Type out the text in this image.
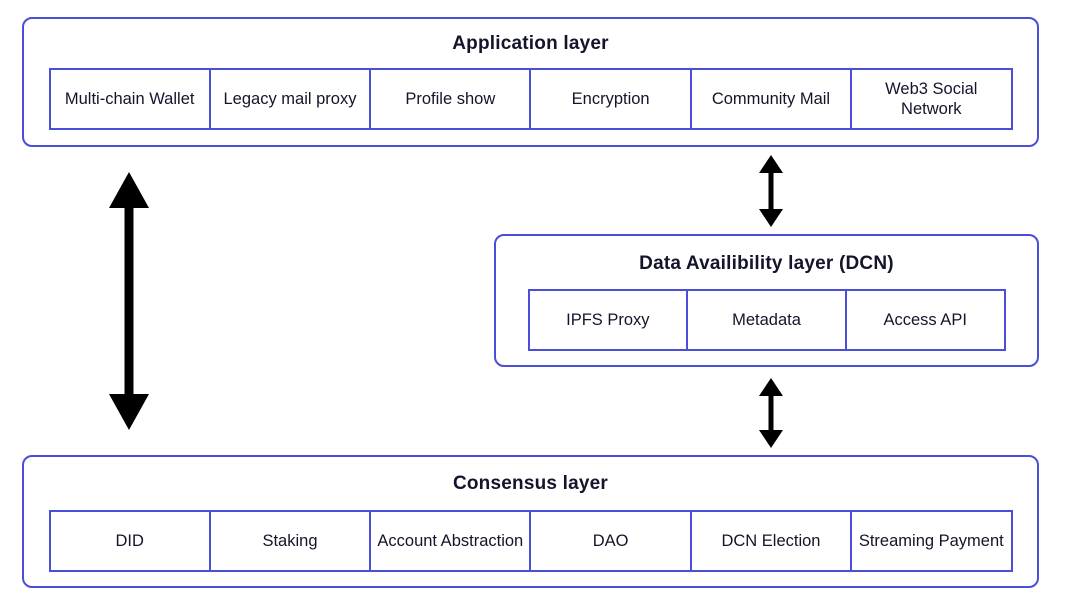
Application layer
Multi-chain Wallet	Legacy mail proxy	Profile show	Encryption	Community Mail
Web3 Social Network
Data Availibility layer (DCN)
IPFS Proxy	Metadata	Access API
Consensus layer
DID	Staking	Account Abstraction	DAO	DCN Election	Streaming Payment
